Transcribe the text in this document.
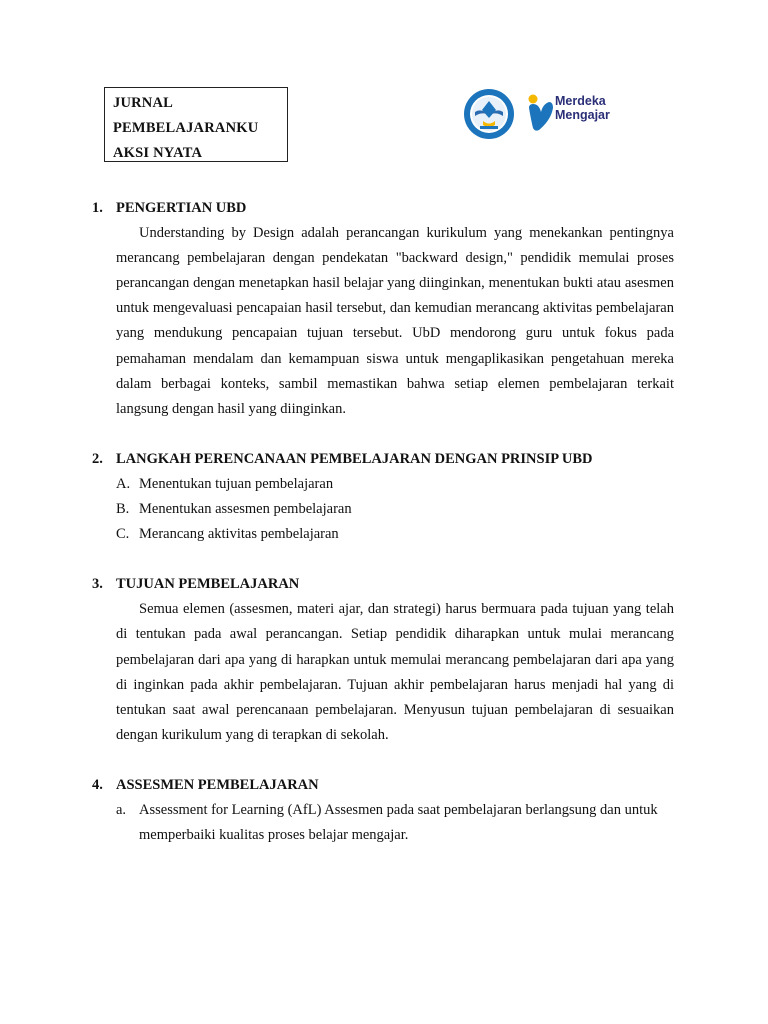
JURNAL
PEMBELAJARANKU
AKSI NYATA
Merdeka
Mengajar
1. PENGERTIAN UBD

Understanding by Design adalah perancangan kurikulum yang menekankan pentingnya merancang pembelajaran dengan pendekatan "backward design," pendidik memulai proses perancangan dengan menetapkan hasil belajar yang diinginkan, menentukan bukti atau asesmen untuk mengevaluasi pencapaian hasil tersebut, dan kemudian merancang aktivitas pembelajaran yang mendukung pencapaian tujuan tersebut. UbD mendorong guru untuk fokus pada pemahaman mendalam dan kemampuan siswa untuk mengaplikasikan pengetahuan mereka dalam berbagai konteks, sambil memastikan bahwa setiap elemen pembelajaran terkait langsung dengan hasil yang diinginkan.

2. LANGKAH PERENCANAAN PEMBELAJARAN DENGAN PRINSIP UBD
A. Menentukan tujuan pembelajaran
B. Menentukan assesmen pembelajaran
C. Merancang aktivitas pembelajaran
3. TUJUAN PEMBELAJARAN

Semua elemen (assesmen, materi ajar, dan strategi) harus bermuara pada tujuan yang telah di tentukan pada awal perancangan. Setiap pendidik diharapkan untuk mulai merancang pembelajaran dari apa yang di harapkan untuk memulai merancang pembelajaran dari apa yang di inginkan pada akhir pembelajaran. Tujuan akhir pembelajaran harus menjadi hal yang di tentukan saat awal perencanaan pembelajaran. Menyusun tujuan pembelajaran di sesuaikan dengan kurikulum yang di terapkan di sekolah.

4. ASSESMEN PEMBELAJARAN
a. Assessment for Learning (AfL) Assesmen pada saat pembelajaran berlangsung dan untuk memperbaiki kualitas proses belajar mengajar.
